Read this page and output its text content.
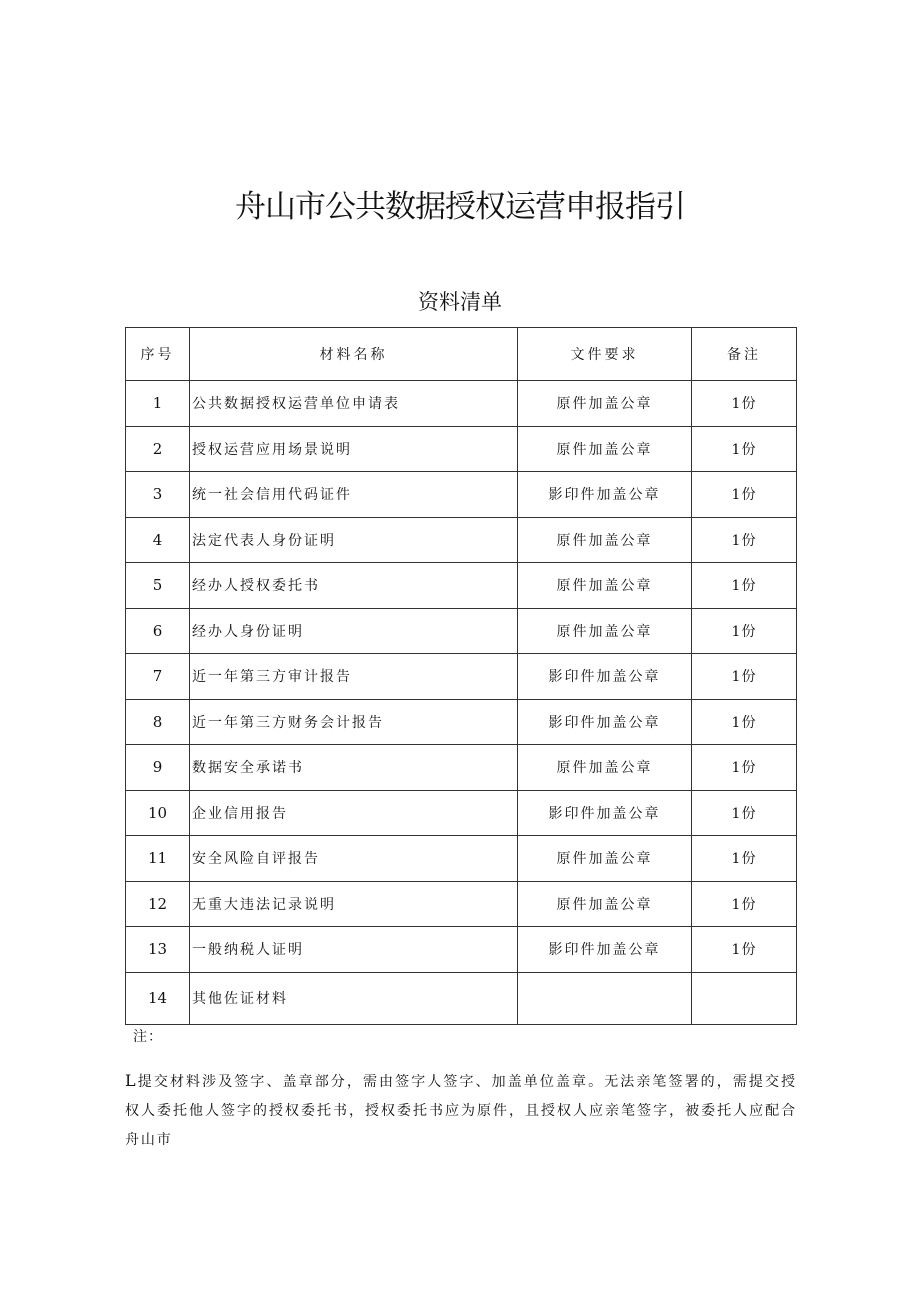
舟山市公共数据授权运营申报指引
资料清单
序号	材料名称	文件要求	备注
1	公共数据授权运营单位申请表	原件加盖公章	1份
2	授权运营应用场景说明	原件加盖公章	1份
3	统一社会信用代码证件	影印件加盖公章	1份
4	法定代表人身份证明	原件加盖公章	1份
5	经办人授权委托书	原件加盖公章	1份
6	经办人身份证明	原件加盖公章	1份
7	近一年第三方审计报告	影印件加盖公章	1份
8	近一年第三方财务会计报告	影印件加盖公章	1份
9	数据安全承诺书	原件加盖公章	1份
10	企业信用报告	影印件加盖公章	1份
11	安全风险自评报告	原件加盖公章	1份
12	无重大违法记录说明	原件加盖公章	1份
13	一般纳税人证明	影印件加盖公章	1份
14	其他佐证材料		
注：
L提交材料涉及签字、盖章部分，需由签字人签字、加盖单位盖章。无法亲笔签署的，需提交授权人委托他人签字的授权委托书，授权委托书应为原件，且授权人应亲笔签字，被委托人应配合舟山市
